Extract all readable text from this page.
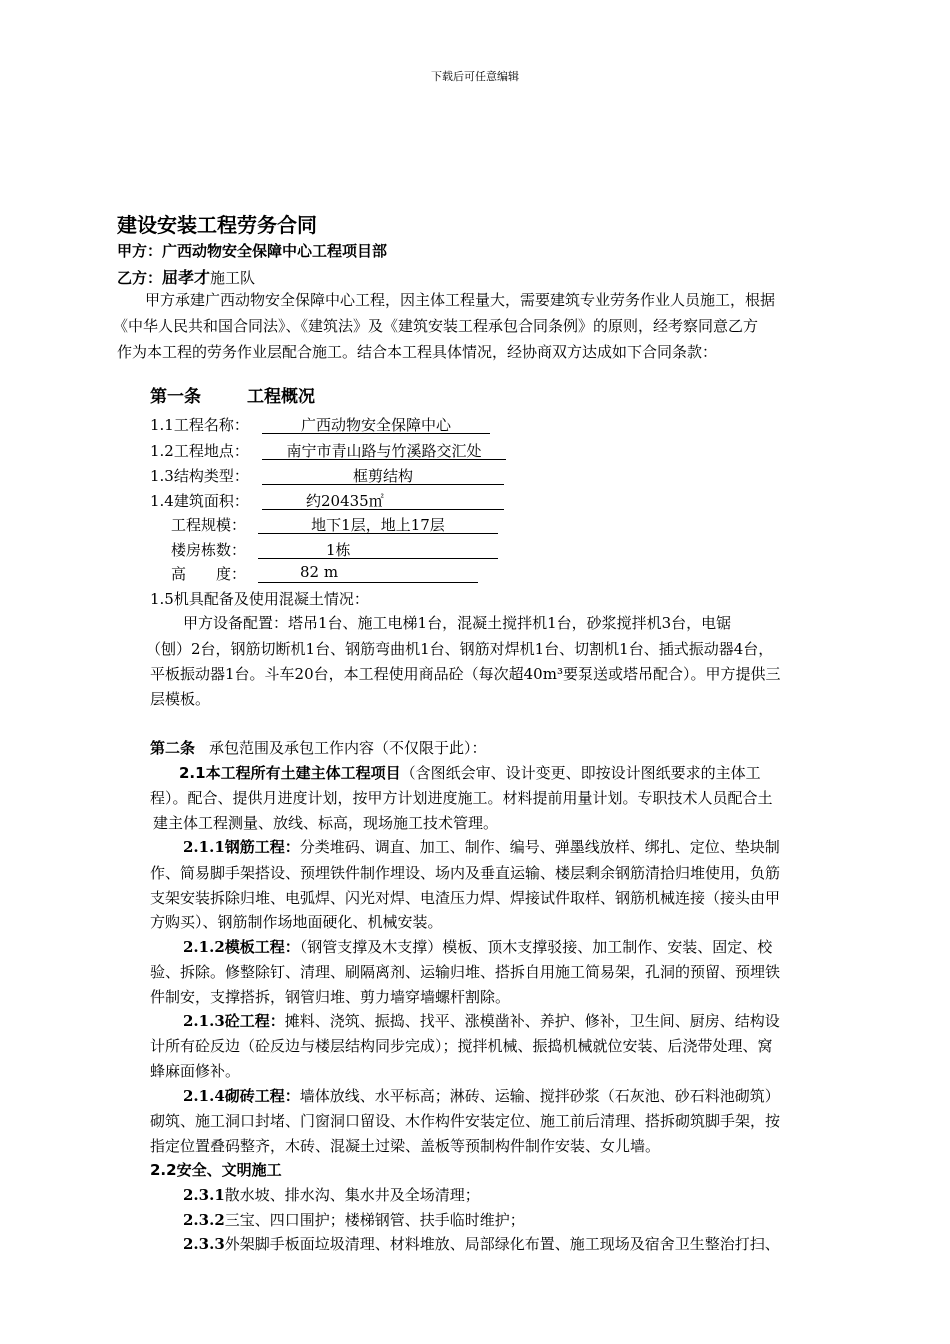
下载后可任意编辑
建设安装工程劳务合同
甲方：广西动物安全保障中心工程项目部
乙方：屈孝才施工队
甲方承建广西动物安全保障中心工程，因主体工程量大，需要建筑专业劳务作业人员施工，根据
《中华人民共和国合同法》、《建筑法》及《建筑安装工程承包合同条例》的原则，经考察同意乙方
作为本工程的劳务作业层配合施工。结合本工程具体情况，经协商双方达成如下合同条款：
第一条	工程概况
1.1工程名称：	广西动物安全保障中心
1.2工程地点：	南宁市青山路与竹溪路交汇处
1.3结构类型：	框剪结构
1.4建筑面积：	约20435㎡
工程规模：	地下1层，地上17层
楼房栋数：	1栋
高　　度：	82 m
1.5机具配备及使用混凝土情况：
甲方设备配置：塔吊1台、施工电梯1台，混凝土搅拌机1台，砂浆搅拌机3台，电锯
（刨）2台，钢筋切断机1台、钢筋弯曲机1台、钢筋对焊机1台、切割机1台、插式振动器4台，
平板振动器1台。斗车20台，本工程使用商品砼（每次超40m³要泵送或塔吊配合）。甲方提供三
层模板。
第二条 承包范围及承包工作内容（不仅限于此）：
2.1本工程所有土建主体工程项目（含图纸会审、设计变更、即按设计图纸要求的主体工
程）。配合、提供月进度计划，按甲方计划进度施工。材料提前用量计划。专职技术人员配合土
建主体工程测量、放线、标高，现场施工技术管理。
2.1.1钢筋工程：分类堆码、调直、加工、制作、编号、弹墨线放样、绑扎、定位、垫块制
作、简易脚手架搭设、预埋铁件制作埋设、场内及垂直运输、楼层剩余钢筋清拾归堆使用，负筋
支架安装拆除归堆、电弧焊、闪光对焊、电渣压力焊、焊接试件取样、钢筋机械连接（接头由甲
方购买）、钢筋制作场地面硬化、机械安装。
2.1.2模板工程：（钢管支撑及木支撑）模板、顶木支撑驳接、加工制作、安装、固定、校
验、拆除。修整除钉、清理、刷隔离剂、运输归堆、搭拆自用施工简易架，孔洞的预留、预埋铁
件制安，支撑搭拆，钢管归堆、剪力墙穿墙螺杆割除。
2.1.3砼工程：摊料、浇筑、振捣、找平、涨模凿补、养护、修补，卫生间、厨房、结构设
计所有砼反边（砼反边与楼层结构同步完成）；搅拌机械、振捣机械就位安装、后浇带处理、窝
蜂麻面修补。
2.1.4砌砖工程：墙体放线、水平标高；淋砖、运输、搅拌砂浆（石灰池、砂石料池砌筑）
砌筑、施工洞口封堵、门窗洞口留设、木作构件安装定位、施工前后清理、搭拆砌筑脚手架，按
指定位置叠码整齐，木砖、混凝土过梁、盖板等预制构件制作安装、女儿墙。
2.2安全、文明施工
2.3.1散水坡、排水沟、集水井及全场清理；
2.3.2三宝、四口围护；楼梯钢管、扶手临时维护；
2.3.3外架脚手板面垃圾清理、材料堆放、局部绿化布置、施工现场及宿舍卫生整治打扫、
